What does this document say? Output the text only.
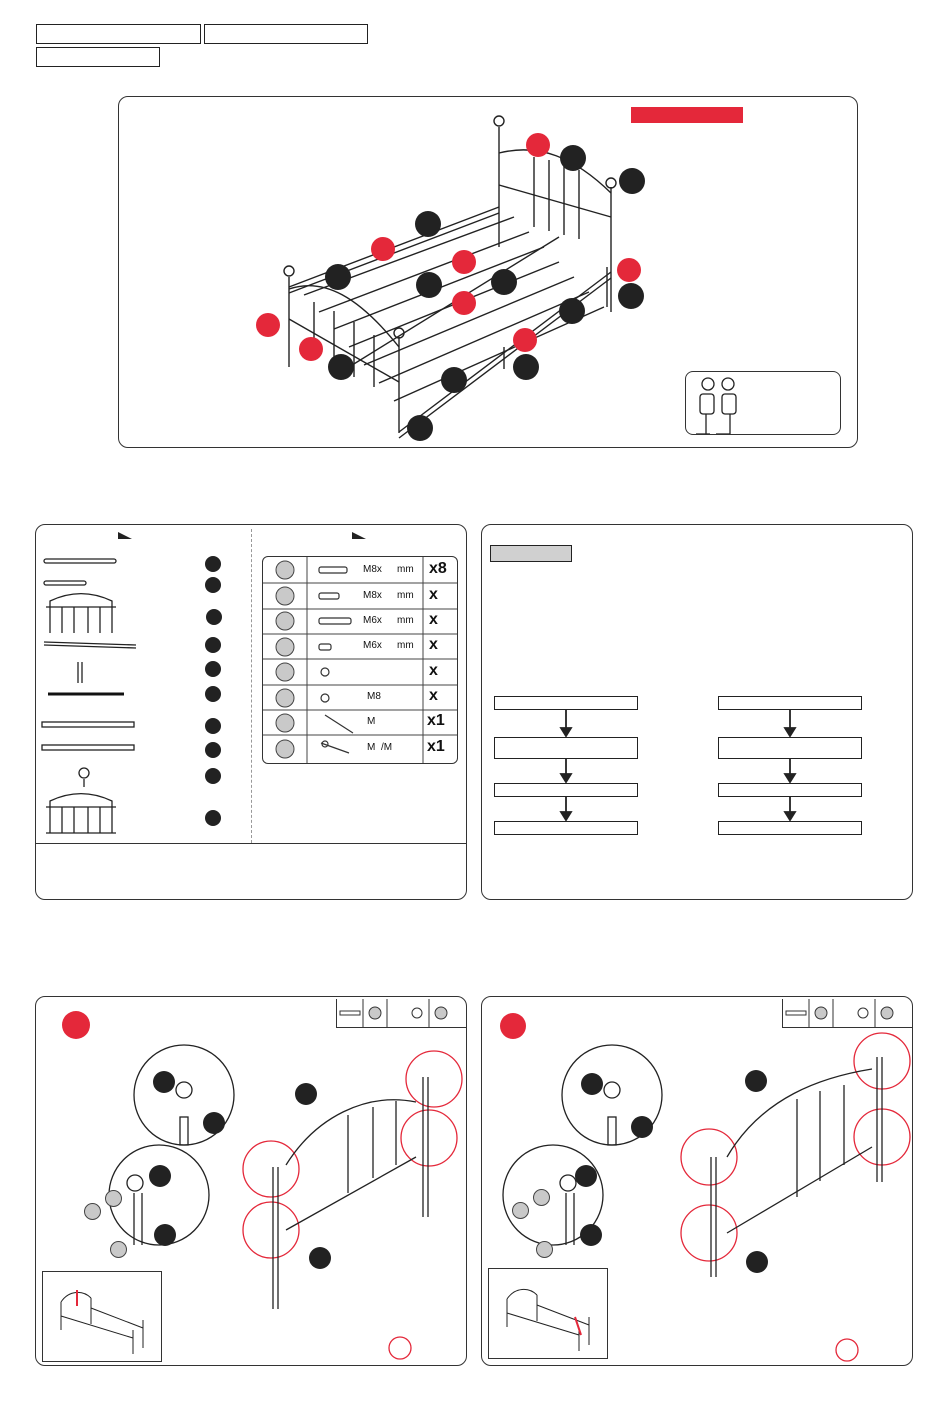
M8x mm x8
M8x mm x
M6x mm x
M6x mm x
x
M8	x
M	x1
M /M x1
